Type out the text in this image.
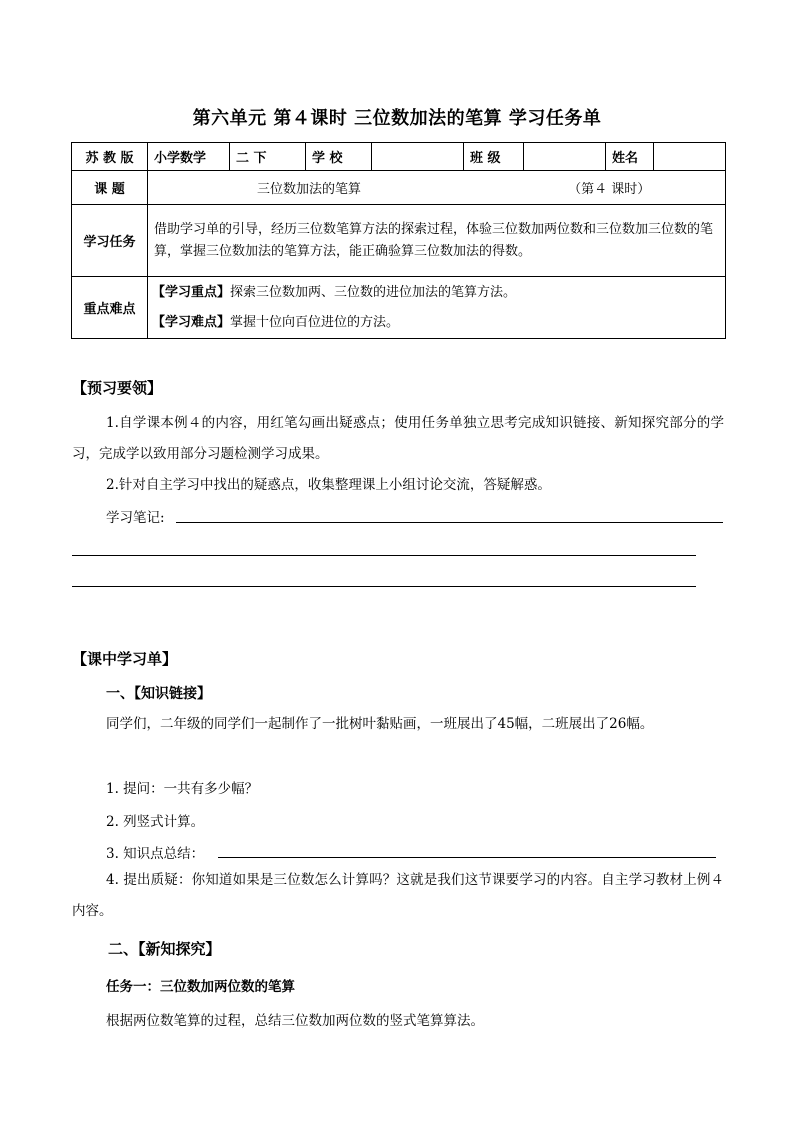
第六单元 第４课时 三位数加法的笔算 学习任务单
苏 教 版	小学数学	二 下	学 校		班 级		姓名	
课 题	三位数加法的笔算 （第４ 课时）							
学习任务	借助学习单的引导，经历三位数笔算方法的探索过程，体验三位数加两位数和三位数加三位数的笔算，掌握三位数加法的笔算方法，能正确验算三位数加法的得数。							
重点难点	【学习重点】探索三位数加两、三位数的进位加法的笔算方法。
【学习难点】掌握十位向百位进位的方法。							
【预习要领】
1.自学课本例４的内容，用红笔勾画出疑惑点；使用任务单独立思考完成知识链接、新知探究部分的学习，完成学以致用部分习题检测学习成果。
2.针对自主学习中找出的疑惑点，收集整理课上小组讨论交流，答疑解惑。
学习笔记:
【课中学习单】
一、【知识链接】
同学们，二年级的同学们一起制作了一批树叶黏贴画，一班展出了45幅，二班展出了26幅。
1. 提问：一共有多少幅？
2. 列竖式计算。
3. 知识点总结：
4. 提出质疑：你知道如果是三位数怎么计算吗？这就是我们这节课要学习的内容。自主学习教材上例４内容。
二、【新知探究】
任务一：三位数加两位数的笔算
根据两位数笔算的过程，总结三位数加两位数的竖式笔算算法。
